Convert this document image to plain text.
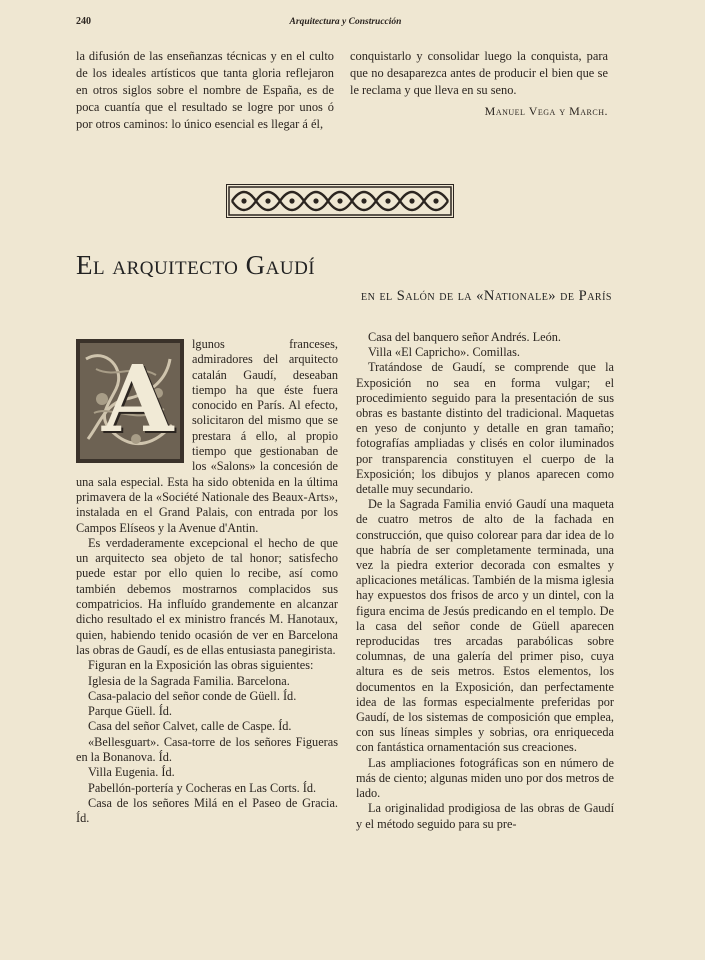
240	Arquitectura y Construcción

la difusión de las enseñanzas técnicas y en el culto de los ideales artísticos que tanta gloria reflejaron en otros siglos sobre el nombre de España, es de poca cuantía que el resultado se logre por unos ó por otros caminos: lo único esencial es llegar á él,

conquistarlo y consolidar luego la conquista, para que no desaparezca antes de producir el bien que se le reclama y que lleva en su seno.

Manuel Vega y March.
El arquitecto Gaudí
en el Salón de la «Nationale» de París
A

lgunos franceses, admiradores del arquitecto catalán Gaudí, deseaban tiempo ha que éste fuera conocido en París. Al efecto, solicitaron del mismo que se prestara á ello, al propio tiempo que gestionaban de los «Salons» la concesión de una sala especial. Esta ha sido obtenida en la última primavera de la «Société Nationale des Beaux-Arts», instalada en el Grand Palais, con entrada por los Campos Elíseos y la Avenue d'Antin.

Es verdaderamente excepcional el hecho de que un arquitecto sea objeto de tal honor; satisfecho puede estar por ello quien lo recibe, así como también debemos mostrarnos complacidos sus compatricios. Ha influído grandemente en alcanzar dicho resultado el ex ministro francés M. Hanotaux, quien, habiendo tenido ocasión de ver en Barcelona las obras de Gaudí, es de ellas entusiasta panegirista.

Figuran en la Exposición las obras siguientes:

Iglesia de la Sagrada Familia. Barcelona.

Casa-palacio del señor conde de Güell. Íd.

Parque Güell. Íd.

Casa del señor Calvet, calle de Caspe. Íd.

«Bellesguart». Casa-torre de los señores Figueras en la Bonanova. Íd.

Villa Eugenia. Íd.

Pabellón-portería y Cocheras en Las Corts. Íd.

Casa de los señores Milá en el Paseo de Gracia. Íd.

Casa del banquero señor Andrés. León.

Villa «El Capricho». Comillas.

Tratándose de Gaudí, se comprende que la Exposición no sea en forma vulgar; el procedimiento seguido para la presentación de sus obras es bastante distinto del tradicional. Maquetas en yeso de conjunto y detalle en gran tamaño; fotografías ampliadas y clisés en color iluminados por transparencia constituyen el cuerpo de la Exposición; los dibujos y planos aparecen como detalle muy secundario.

De la Sagrada Familia envió Gaudí una maqueta de cuatro metros de alto de la fachada en construcción, que quiso colorear para dar idea de lo que habría de ser completamente terminada, una vez la piedra exterior decorada con esmaltes y aplicaciones metálicas. También de la misma iglesia hay expuestos dos frisos de arco y un dintel, con la figura encima de Jesús predicando en el templo. De la casa del señor conde de Güell aparecen reproducidas tres arcadas parabólicas sobre columnas, de una galería del primer piso, cuya altura es de seis metros. Estos elementos, los documentos en la Exposición, dan perfectamente idea de las formas especialmente preferidas por Gaudí, de los sistemas de composición que emplea, con sus líneas simples y sobrias, ora enriqueceda con fantástica ornamentación sus creaciones.

Las ampliaciones fotográficas son en número de más de ciento; algunas miden uno por dos metros de lado.

La originalidad prodigiosa de las obras de Gaudí y el método seguido para su pre-
